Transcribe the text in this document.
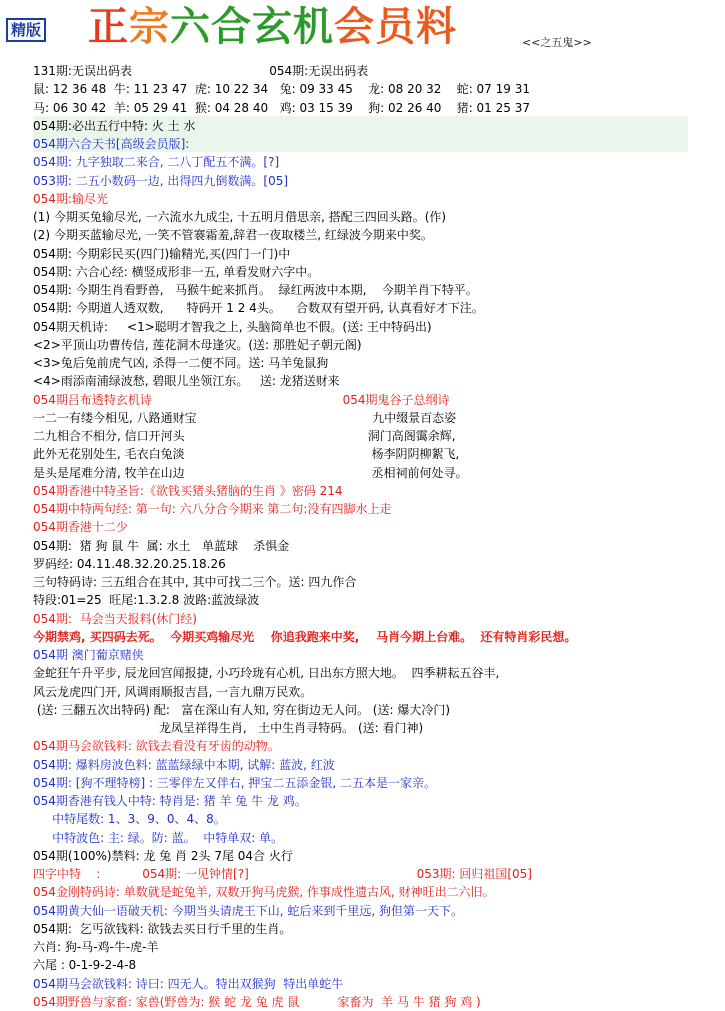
精版 正宗六合玄机会员料	<<之五鬼>>
131期:无误出码表                                    054期:无误出码表
鼠: 12 36 48  牛: 11 23 47  虎: 10 22 34   兔: 09 33 45    龙: 08 20 32    蛇: 07 19 31
马: 06 30 42  羊: 05 29 41  猴: 04 28 40   鸡: 03 15 39    狗: 02 26 40    猪: 01 25 37
054期:必出五行中特: 火 土 水
054期六合天书[高级会员版]:
054期: 九字独取二来合, 二八丁配五不满。[?]
053期: 二五小数码一边, 出得四九倒数满。[05]
054期:输尽光
(1) 今期买兔输尽光, 一六流水九成尘, 十五明月借思亲, 搭配三四回头路。(作)
(2) 今期买蓝输尽光, 一笑不管褰霜羞,辞君一夜取楼兰, 红绿波今期来中奖。
054期: 今期彩民买(四门)输精光,买(四门一门)中
054期: 六合心经: 横竖成形非一五, 单看发财六字中。
054期: 今期生肖看野兽,   马猴牛蛇来抓肖。  绿红两波中本期,    今期羊肖下特平。
054期: 今期道人透双数,      特码开 1 2 4头。    合数双有望开码, 认真看好才下注。
054期天机诗:     <1>聪明才智我之上, 头脑简单也不假。(送: 王中特码出)
<2>平顶山功曹传信, 莲花洞木母逢灾。(送: 那胜妃子朝元阁)
<3>兔后兔前虎气凶, 杀得一二便不同。送: 马羊兔鼠狗
<4>雨添南浦绿波愁, 碧眼儿坐领江东。   送: 龙猪送财来
054期吕布透特玄机诗                                                  054期鬼谷子总纲诗
一二一有缕今相见, 八路通财宝                                              九中缀景百态姿
二九相合不相分, 信口开河头                                                洞门高阁霭余辉,
此外无花别处生, 毛衣白兔淡                                                 杨李阴阴柳絮飞,
是头是尾难分清, 牧羊在山边                                                 丞相祠前何处寻。
054期香港中特圣旨:《欲钱买猪头猪脑的生肖 》密码 214
054期中特两句经: 第一句: 六八分合今期来 第二句:没有四脚水上走
054期香港十二少
054期:  猪 狗 鼠 牛  属: 水土   单蓝球    杀惧金
罗码经: 04.11.48.32.20.25.18.26
三句特码诗: 三五组合在其中, 其中可找二三个。送: 四九作合
特段:01=25  旺尾:1.3.2.8 波路:蓝波绿波
054期:  马会当天报料(休门经)
今期禁鸡, 买四码去死。  今期买鸡输尽光    你追我跑来中奖,    马肖今期上台难。  还有特肖彩民想。
054期 澳门葡京赌侠
金蛇狂午升平步, 辰龙回宫闻报捷, 小巧玲珑有心机, 日出东方照大地。  四季耕耘五谷丰,
风云龙虎四门开, 风调雨顺报吉昌, 一言九鼎万民欢。
(送: 三翻五次出特码) 配:   富在深山有人知, 穷在街边无人问。 (送: 爆大冷门)
龙凤呈祥得生肖,   土中生肖寻特码。 (送: 看门神)
054期马会欲钱料: 欲钱去看没有牙齿的动物。
054期: 爆料房波色料: 蓝蓝绿绿中本期, 试解: 蓝波, 红波
054期: [狗不理特榜] : 三零伴左又伴右, 押宝二五添金银, 二五本是一家亲。
054期香港有钱人中特: 特肖是: 猪 羊 兔 牛 龙 鸡。
中特尾数: 1、3、9、0、4、8。
中特波色: 主: 绿。防: 蓝。  中特单双: 单。
054期(100%)禁料: 龙 兔 肖 2头 7尾 04合 火行
四字中特    :           054期: 一见钟情[?]                                            053期: 回归祖国[05]
054金刚特码诗: 单数就是蛇兔羊, 双数开狗马虎猴, 作事成性遗古风, 财神旺出二六旧。
054期黄大仙一语破天机: 今期当头请虎王下山, 蛇后来到千里远, 狗但第一天下。
054期:  乞丐欲钱料: 欲钱去买日行千里的生肖。
六肖: 狗-马-鸡-牛-虎-羊
六尾 : 0-1-9-2-4-8
054期马会欲钱料: 诗曰: 四无人。特出双猴狗  特出单蛇牛
054期野兽与家畜: 家兽(野兽为: 猴 蛇 龙 兔 虎 鼠          家畜为  羊 马 牛 猪 狗 鸡 )
